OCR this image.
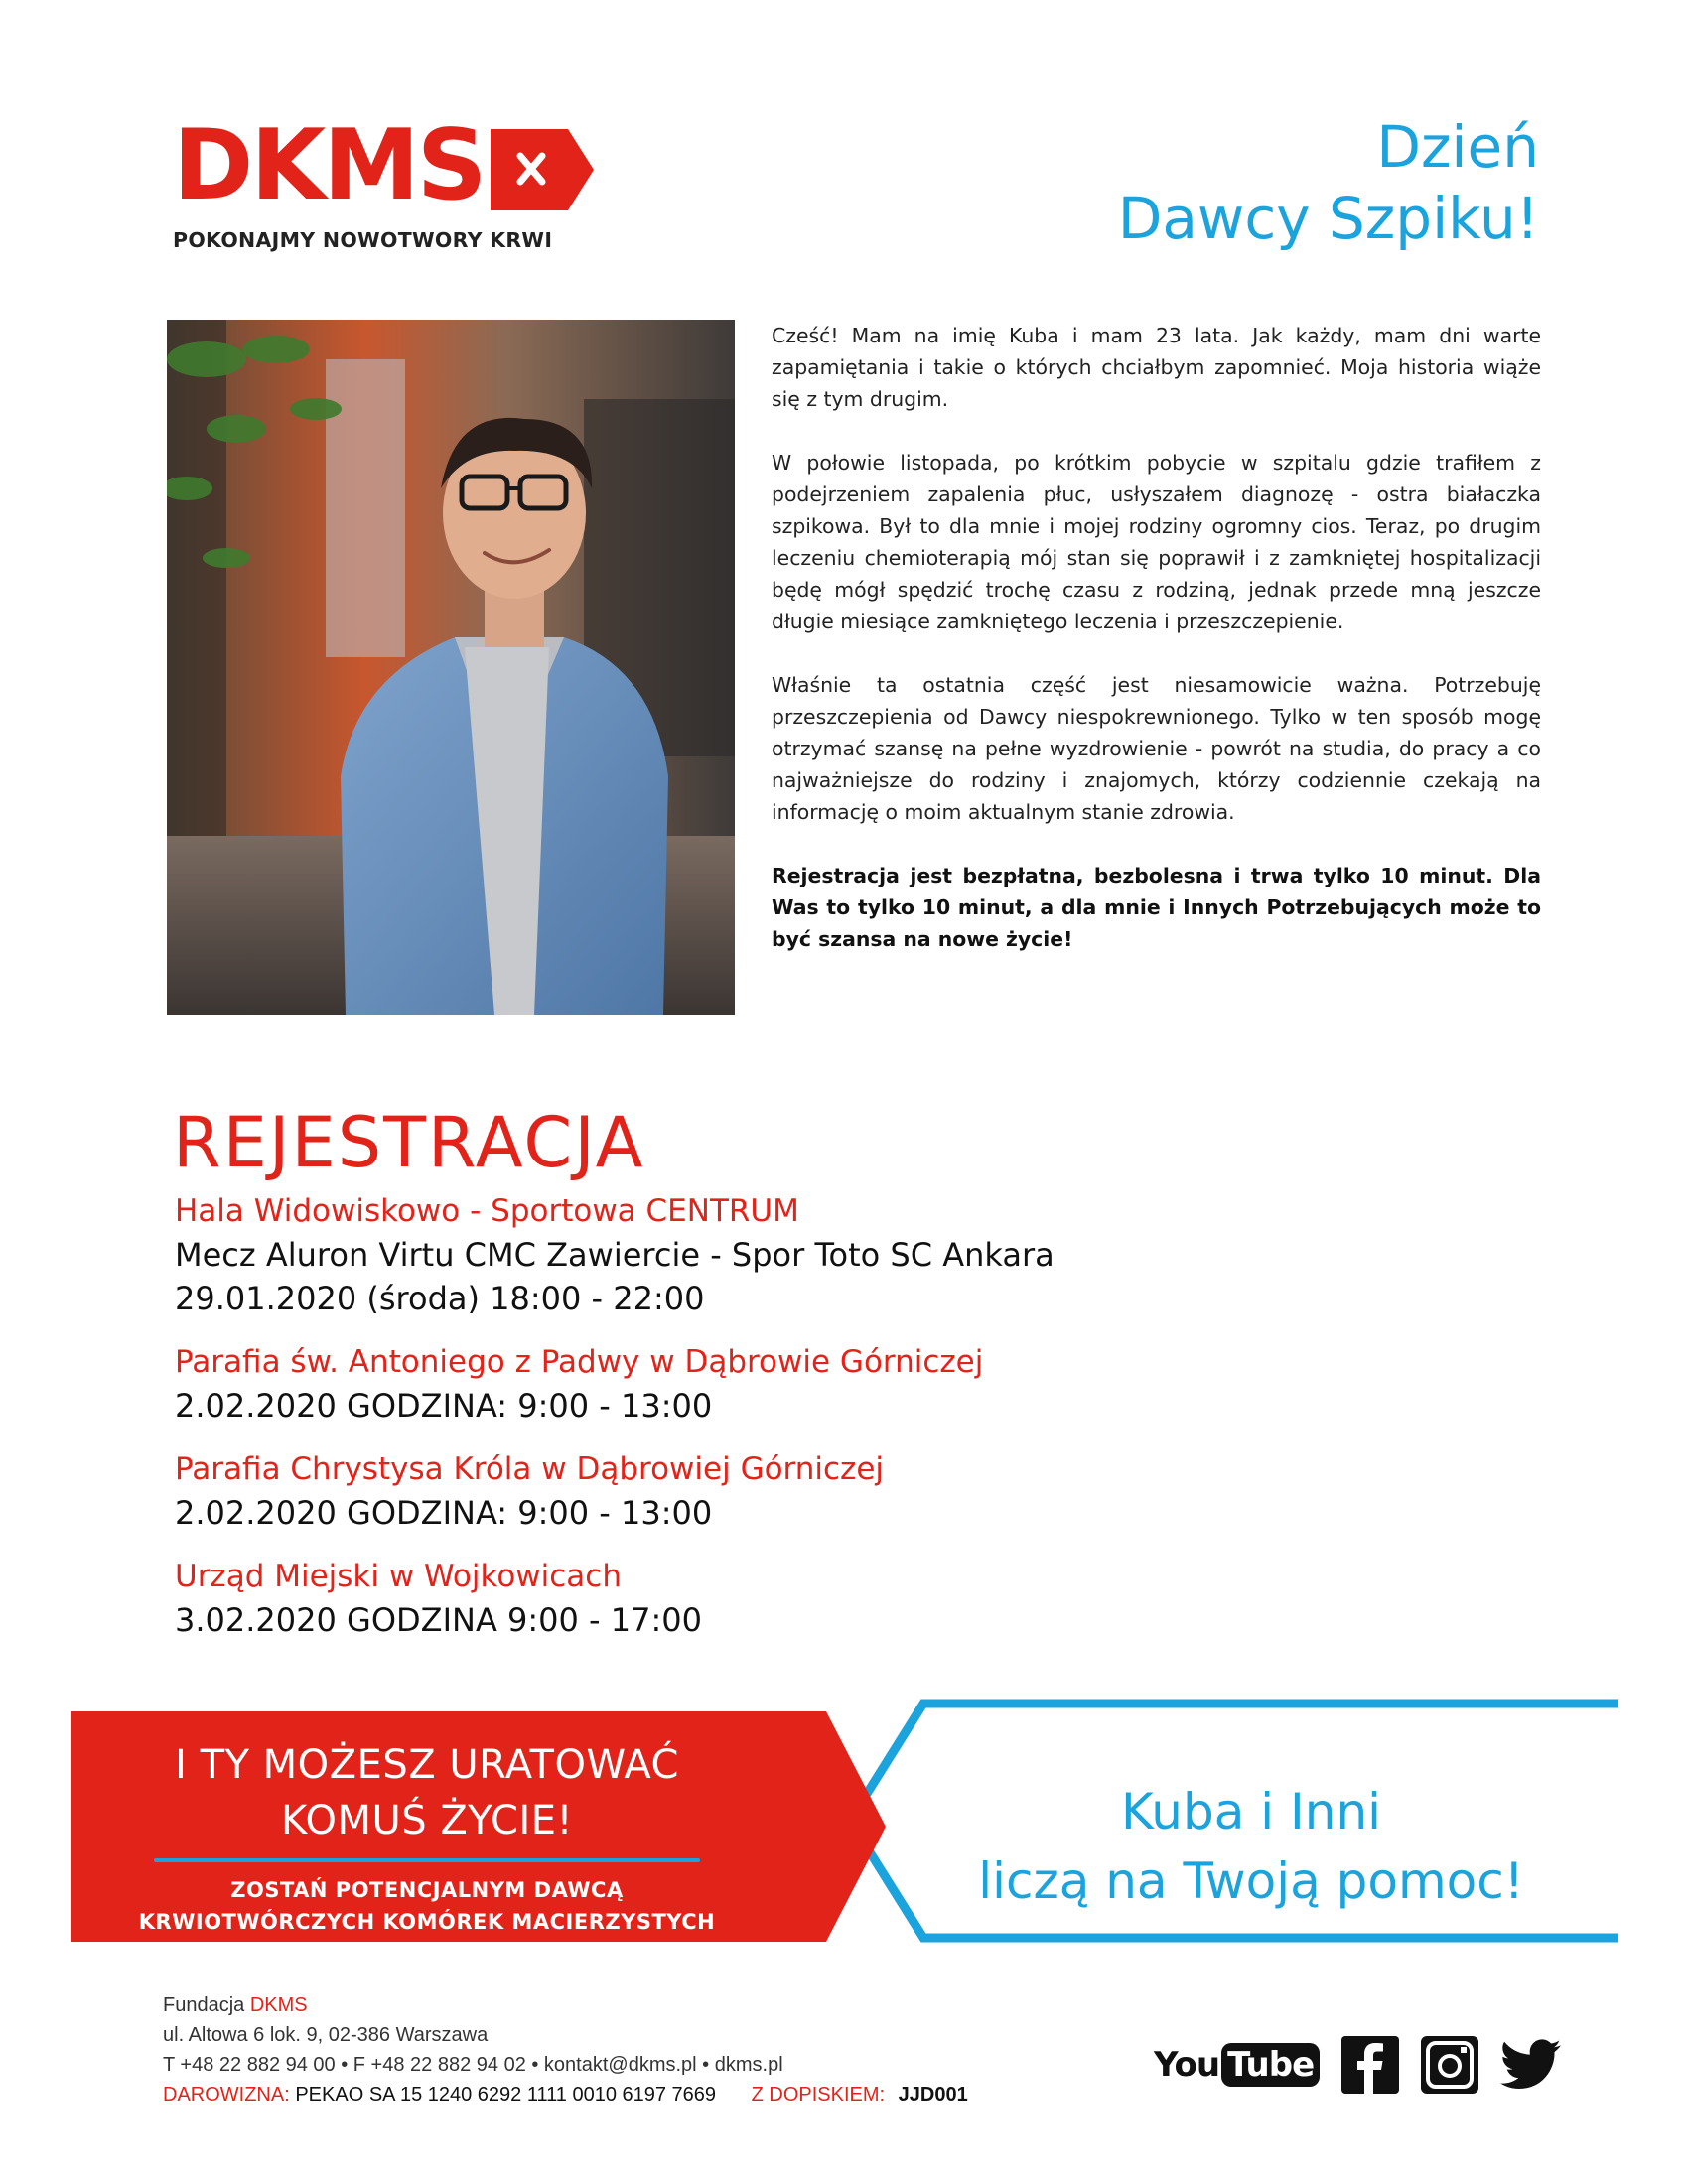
DKMS
POKONAJMY NOWOTWORY KRWI
Dzień
Dawcy Szpiku!

Cześć! Mam na imię Kuba i mam 23 lata. Jak każdy, mam dni warte zapamiętania i takie o których chciałbym zapomnieć. Moja historia wiąże się z tym drugim.

W połowie listopada, po krótkim pobycie w szpitalu gdzie trafiłem z podejrzeniem zapalenia płuc, usłyszałem diagnozę - ostra białaczka szpikowa. Był to dla mnie i mojej rodziny ogromny cios. Teraz, po drugim leczeniu chemioterapią mój stan się poprawił i z zamkniętej hospitalizacji będę mógł spędzić trochę czasu z rodziną, jednak przede mną jeszcze długie miesiące zamkniętego leczenia i przeszczepienie.

Właśnie ta ostatnia część jest niesamowicie ważna. Potrzebuję przeszczepienia od Dawcy niespokrewnionego. Tylko w ten sposób mogę otrzymać szansę na pełne wyzdrowienie - powrót na studia, do pracy a co najważniejsze do rodziny i znajomych, którzy codziennie czekają na informację o moim aktualnym stanie zdrowia.

Rejestracja jest bezpłatna, bezbolesna i trwa tylko 10 minut. Dla Was to tylko 10 minut, a dla mnie i Innych Potrzebujących może to być szansa na nowe życie!

REJESTRACJA
Hala Widowiskowo - Sportowa CENTRUM
Mecz Aluron Virtu CMC Zawiercie - Spor Toto SC Ankara
29.01.2020 (środa) 18:00 - 22:00
Parafia św. Antoniego z Padwy w Dąbrowie Górniczej
2.02.2020 GODZINA: 9:00 - 13:00
Parafia Chrystysa Króla w Dąbrowiej Górniczej
2.02.2020 GODZINA: 9:00 - 13:00
Urząd Miejski w Wojkowicach
3.02.2020 GODZINA 9:00 - 17:00
I TY MOŻESZ URATOWAĆ
KOMUŚ ŻYCIE!
ZOSTAŃ POTENCJALNYM DAWCĄ
KRWIOTWÓRCZYCH KOMÓREK MACIERZYSTYCH
Kuba i Inni
liczą na Twoją pomoc!
Fundacja DKMS
ul. Altowa 6 lok. 9, 02-386 Warszawa
T +48 22 882 94 00 • F +48 22 882 94 02 • kontakt@dkms.pl • dkms.pl
DAROWIZNA: PEKAO SA 15 1240 6292 1111 0010 6197 7669 Z DOPISKIEM: JJD001
You Tube
